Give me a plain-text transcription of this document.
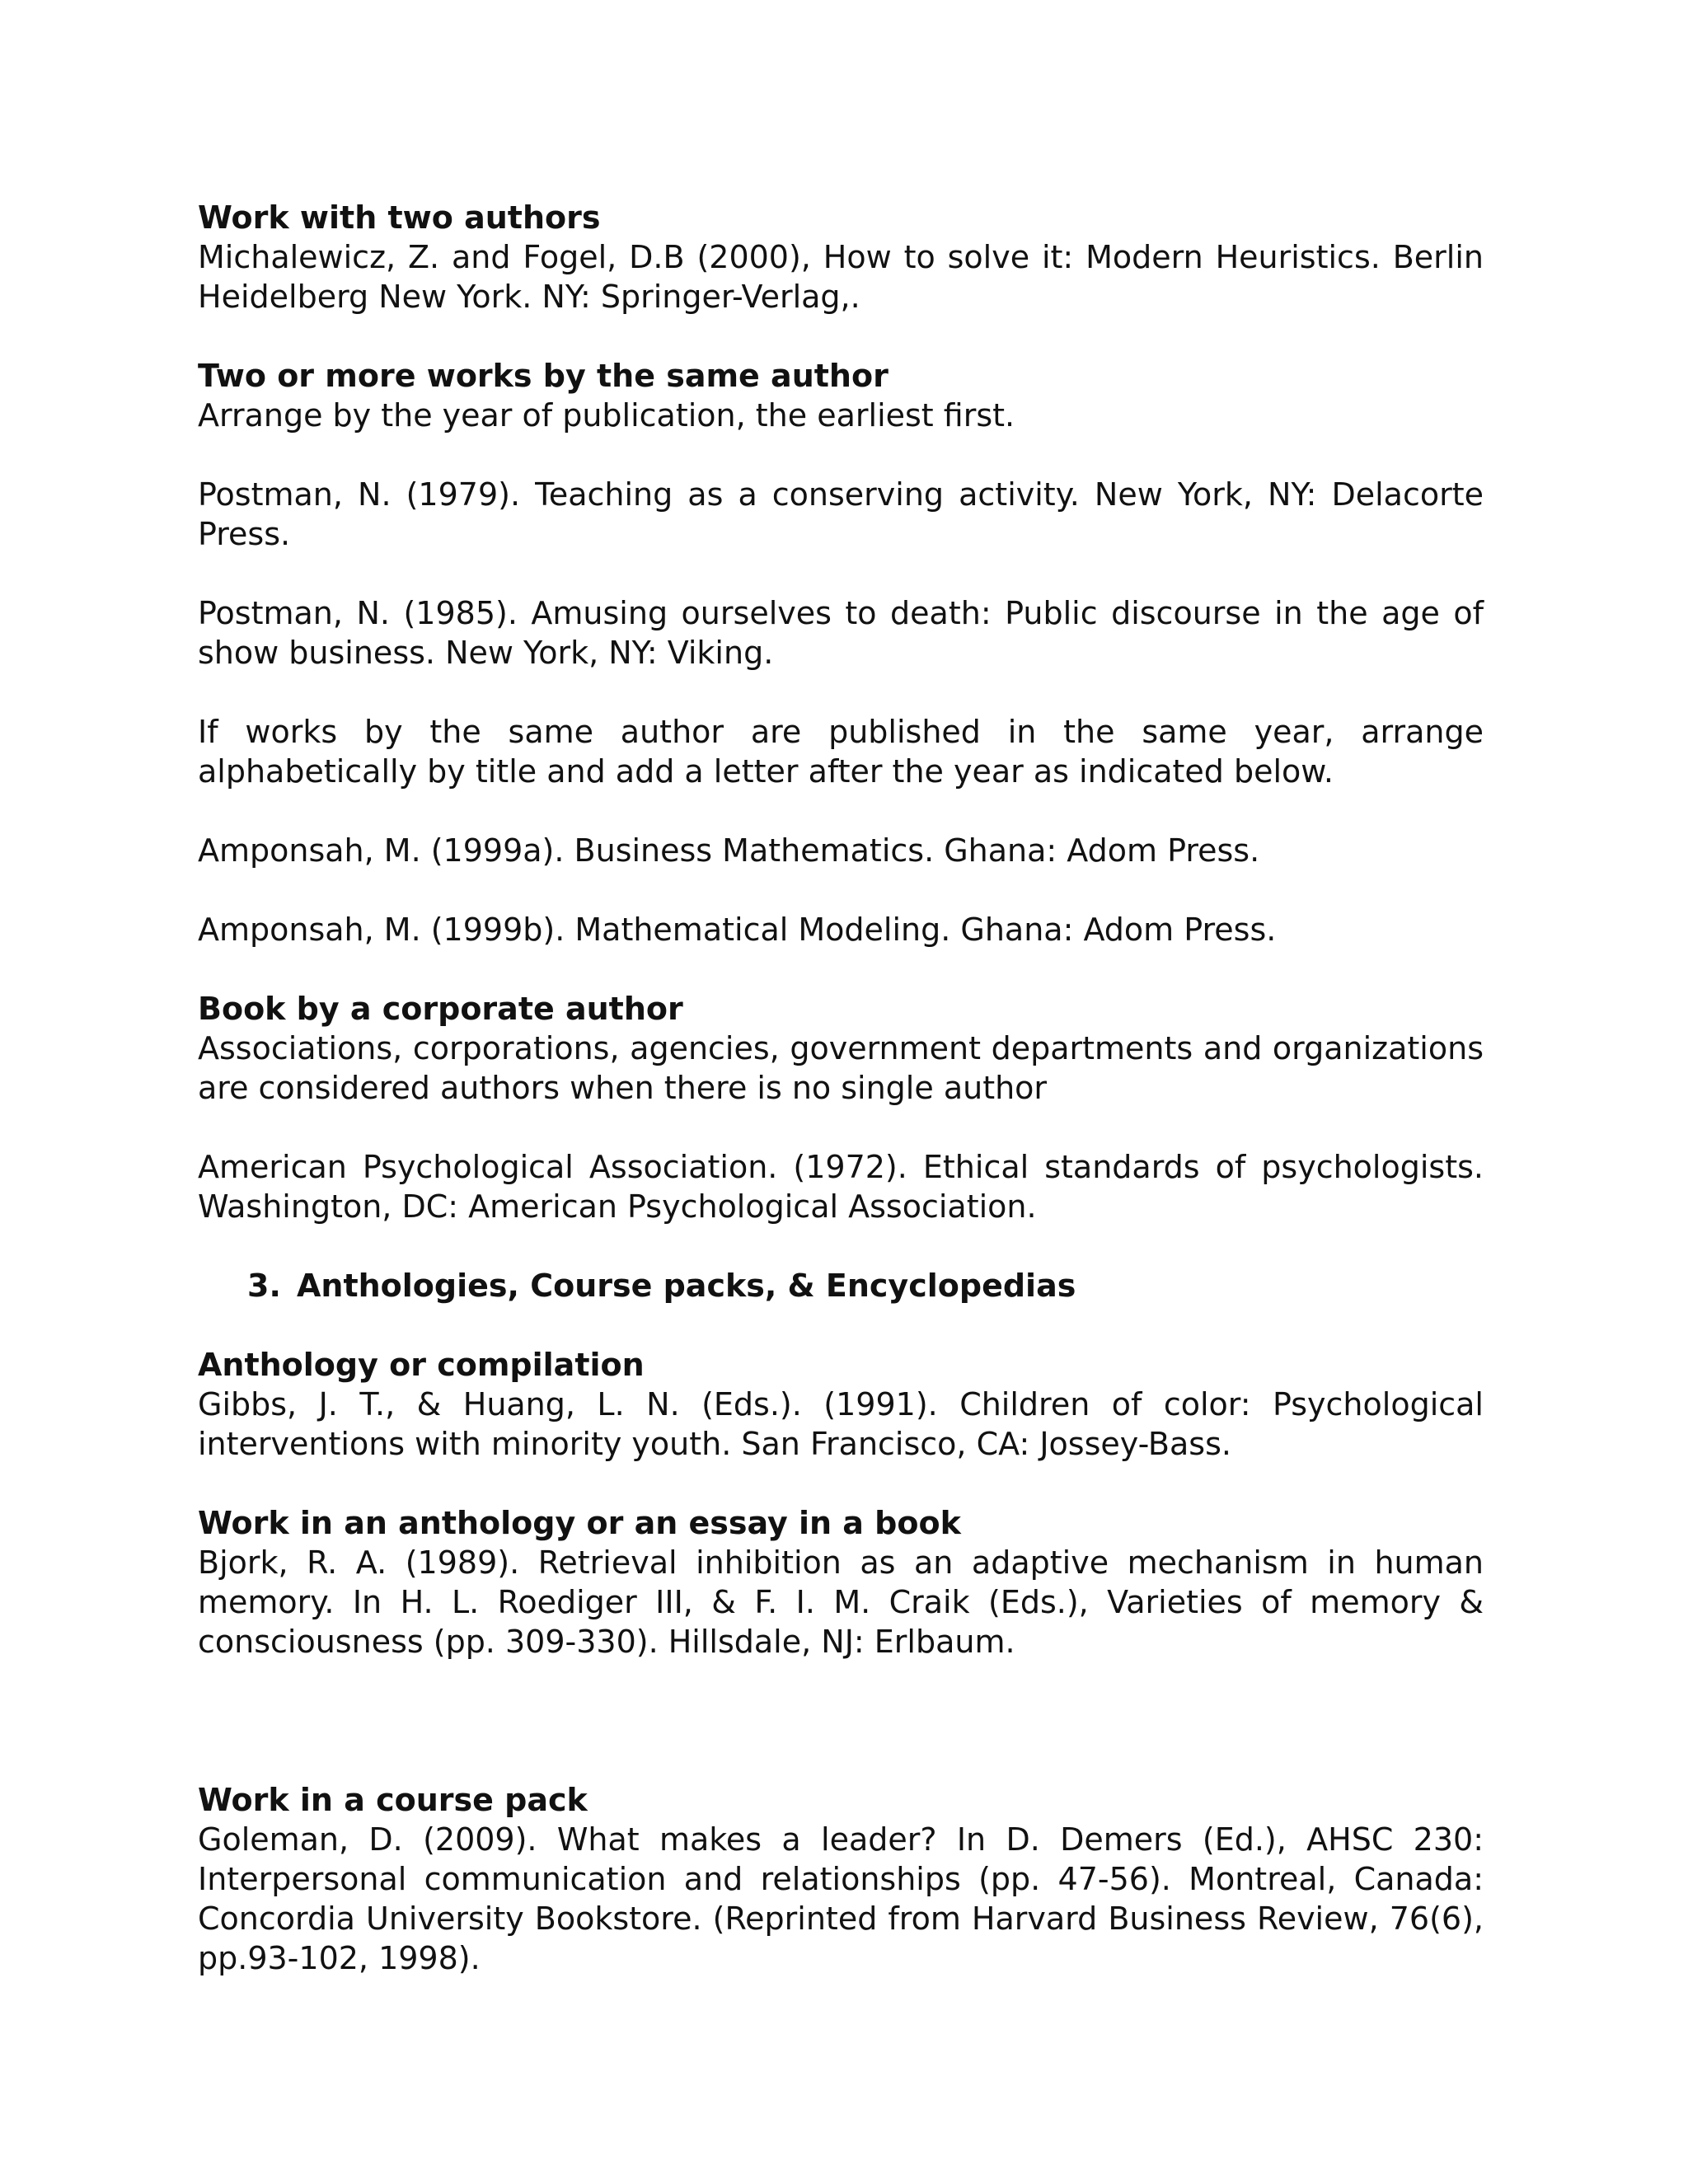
Work with two authors

Michalewicz, Z. and Fogel, D.B (2000), How to solve it: Modern Heuristics. Berlin Heidelberg New York. NY: Springer-Verlag,.

Two or more works by the same author

Arrange by the year of publication, the earliest first.

Postman, N. (1979). Teaching as a conserving activity. New York, NY: Delacorte Press.

Postman, N. (1985). Amusing ourselves to death: Public discourse in the age of show business. New York, NY: Viking.

If works by the same author are published in the same year, arrange alphabetically by title and add a letter after the year as indicated below.

Amponsah, M. (1999a). Business Mathematics. Ghana: Adom Press.

Amponsah, M. (1999b). Mathematical Modeling. Ghana: Adom Press.

Book by a corporate author

Associations, corporations, agencies, government departments and organizations are considered authors when there is no single author

American Psychological Association. (1972). Ethical standards of psychologists. Washington, DC: American Psychological Association.

3. Anthologies, Course packs, & Encyclopedias

Anthology or compilation

Gibbs, J. T., & Huang, L. N. (Eds.). (1991). Children of color: Psychological interventions with minority youth. San Francisco, CA: Jossey-Bass.

Work in an anthology or an essay in a book

Bjork, R. A. (1989). Retrieval inhibition as an adaptive mechanism in human memory. In H. L. Roediger III, & F. I. M. Craik (Eds.), Varieties of memory & consciousness (pp. 309-330). Hillsdale, NJ: Erlbaum.

Work in a course pack

Goleman, D. (2009). What makes a leader? In D. Demers (Ed.), AHSC 230: Interpersonal communication and relationships (pp. 47-56). Montreal, Canada: Concordia University Bookstore. (Reprinted from Harvard Business Review, 76(6), pp.93-102, 1998).
